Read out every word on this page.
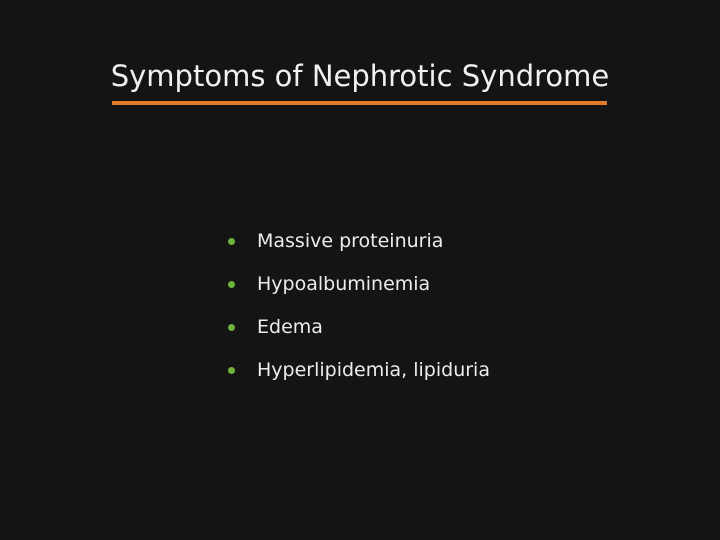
Symptoms of Nephrotic Syndrome
Massive proteinuria
Hypoalbuminemia
Edema
Hyperlipidemia, lipiduria
